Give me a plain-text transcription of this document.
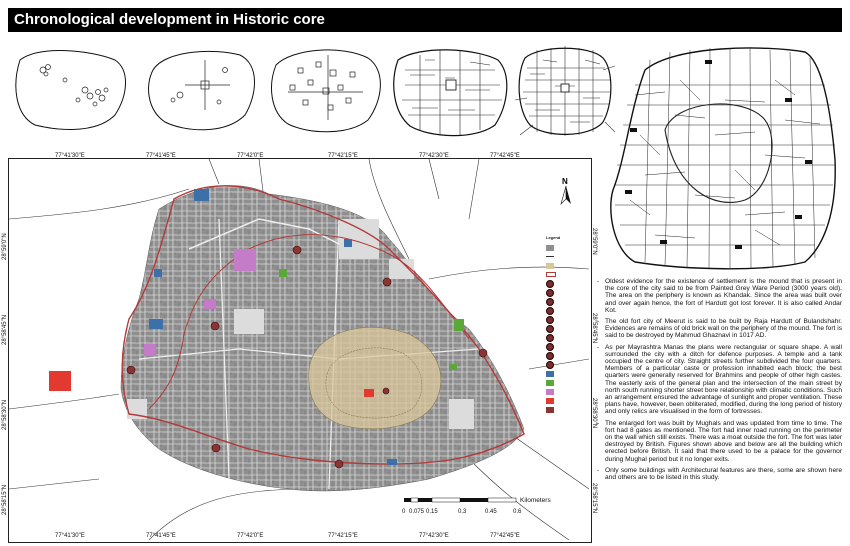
Chronological development in Historic core
77°41'30"E	77°41'45"E	77°42'0"E	77°42'15"E	77°42'30"E	77°42'45"E
77°41'30"E	77°41'45"E	77°42'0"E	77°42'15"E	77°42'30"E	77°42'45"E
28°59'0"N
28°58'45"N
28°58'30"N
28°58'15"N
28°59'0"N
28°58'45"N
28°58'30"N
28°58'15"N
N
Legend
0 0.075 0.15	0.3	0.45	0.6
Kilometers
- Oldest evidence for the existence of settlement is the mound that is present in the core of the city said to be from Painted Grey Ware Period (3000 years old). The area on the periphery is known as Khandak. Since the area was built over and over again hence, the fort of Hardutt got lost forever. It is also called Andar Kot.
- The old fort city of Meerut is said to be built by Raja Hardutt of Bulandshahr. Evidences are remains of old brick wall on the periphery of the mound. The fort is said to be destroyed by Mahmud Ghaznavi in 1017 AD.
- As per Mayrashtra Manas the plans were rectangular or square shape. A wall surrounded the city with a ditch for defence purposes. A temple and a tank occupied the centre of city. Straight streets further subdivided the four quarters. Members of a particular caste or profession inhabited each block; the best quarters were generally reserved for Brahmins and people of other high castes. The easterly axis of the general plan and the intersection of the main street by north south running shorter street bore relationship with climatic conditions. Such an arrangement ensured the advantage of sunlight and proper ventilation. These plans have, however, been obliterated, modified, during the long period of history and only relics are visualised in the form of fortresses.
- The enlarged fort was built by Mughals and was updated from time to time. The fort had 8 gates as mentioned. The fort had inner road running on the perimeter on the wall which still exists. There was a moat outside the fort. The fort was later destroyed by British. Figures shown above and below are all the building which erected before British. It said that there used to be a palace for the governor during Mughal period but it no longer exits.
- Only some buildings with Architectural features are there, some are shown here and others are to be listed in this study.
